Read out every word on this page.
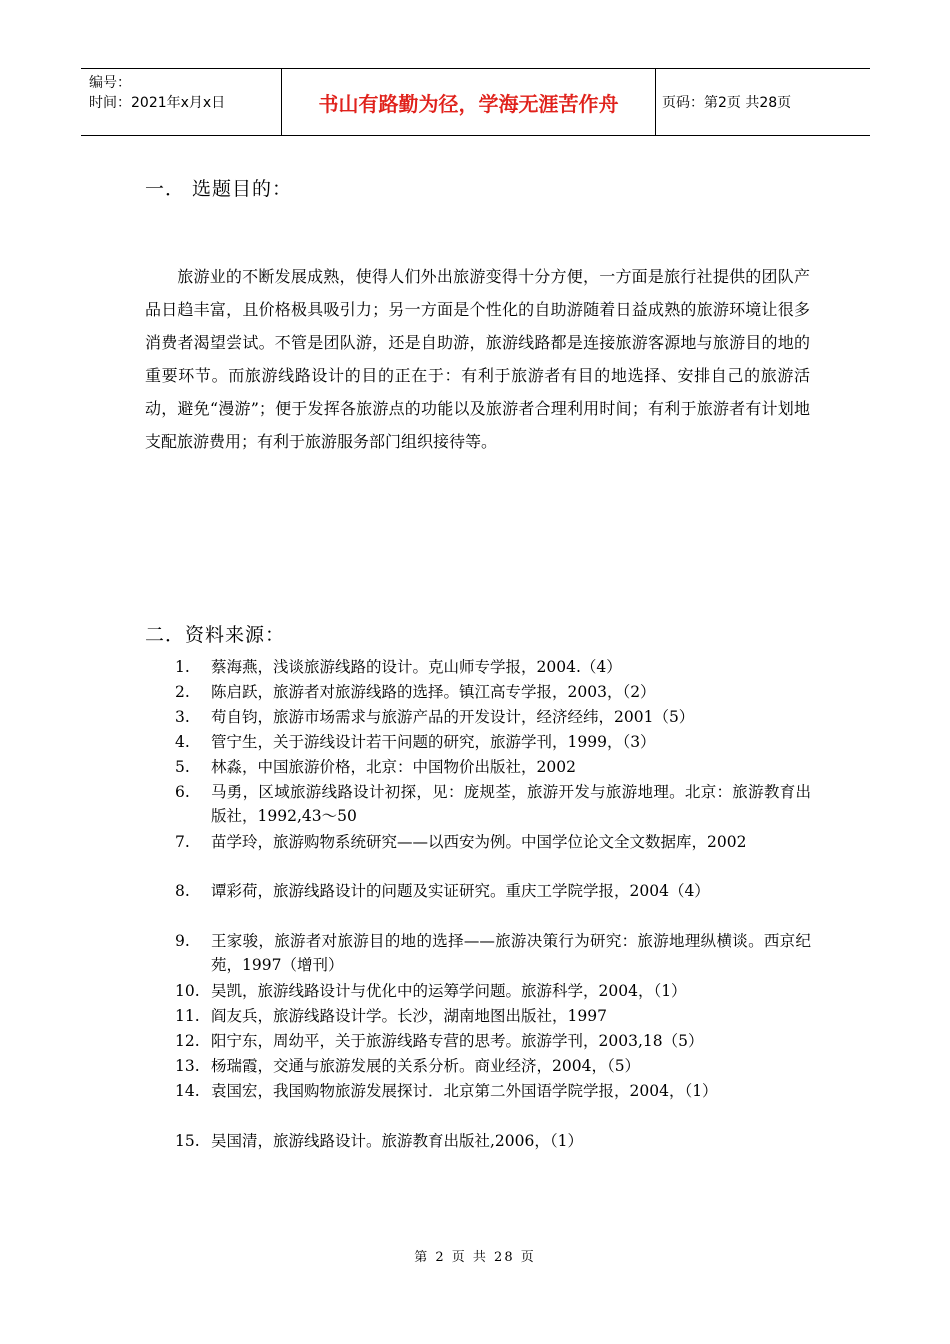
编号：
时间：2021年x月x日	书山有路勤为径，学海无涯苦作舟	页码：第2页 共28页
一． 选题目的：
旅游业的不断发展成熟，使得人们外出旅游变得十分方便，一方面是旅行社提供的团队产品日趋丰富，且价格极具吸引力；另一方面是个性化的自助游随着日益成熟的旅游环境让很多消费者渴望尝试。不管是团队游，还是自助游，旅游线路都是连接旅游客源地与旅游目的地的重要环节。而旅游线路设计的目的正在于：有利于旅游者有目的地选择、安排自己的旅游活动，避免“漫游”；便于发挥各旅游点的功能以及旅游者合理利用时间；有利于旅游者有计划地支配旅游费用；有利于旅游服务部门组织接待等。
二．资料来源：
1.	蔡海燕，浅谈旅游线路的设计。克山师专学报，2004.（4）
2.	陈启跃，旅游者对旅游线路的选择。镇江高专学报，2003，（2）
3.	苟自钧，旅游市场需求与旅游产品的开发设计，经济经纬，2001（5）
4.	管宁生，关于游线设计若干问题的研究，旅游学刊，1999，（3）
5.	林淼，中国旅游价格，北京：中国物价出版社，2002
6.	马勇，区域旅游线路设计初探，见：庞规荃，旅游开发与旅游地理。北京：旅游教育出版社，1992,43～50
7.	苗学玲，旅游购物系统研究——以西安为例。中国学位论文全文数据库，2002
8.	谭彩荷，旅游线路设计的问题及实证研究。重庆工学院学报，2004（4）
9.	王家骏，旅游者对旅游目的地的选择——旅游决策行为研究：旅游地理纵横谈。西京纪苑，1997（增刊）
10. 吴凯，旅游线路设计与优化中的运筹学问题。旅游科学，2004，（1）
11. 阎友兵，旅游线路设计学。长沙，湖南地图出版社，1997
12. 阳宁东，周幼平，关于旅游线路专营的思考。旅游学刊，2003,18（5）
13. 杨瑞霞，交通与旅游发展的关系分析。商业经济，2004，（5）
14. 袁国宏，我国购物旅游发展探讨．北京第二外国语学院学报，2004，（1）
15. 吴国清，旅游线路设计。旅游教育出版社,2006，（1）
第 2 页 共 28 页
